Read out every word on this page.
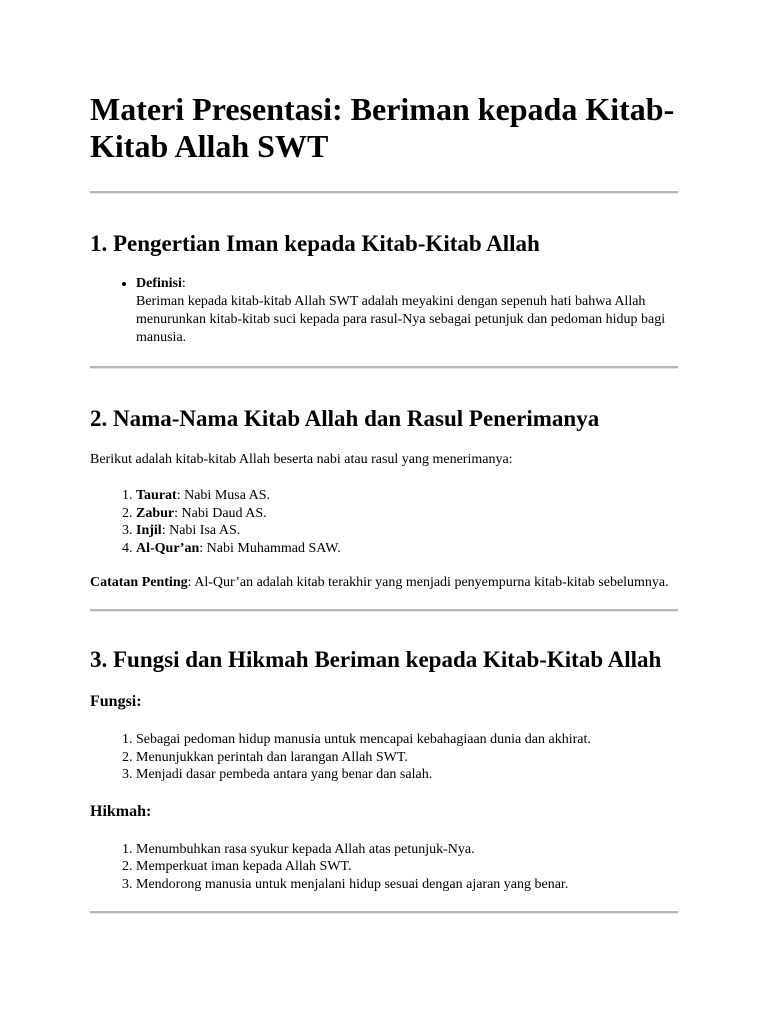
Materi Presentasi: Beriman kepada Kitab-Kitab Allah SWT
1. Pengertian Iman kepada Kitab-Kitab Allah
• Definisi:
Beriman kepada kitab-kitab Allah SWT adalah meyakini dengan sepenuh hati bahwa Allah menurunkan kitab-kitab suci kepada para rasul-Nya sebagai petunjuk dan pedoman hidup bagi manusia.
2. Nama-Nama Kitab Allah dan Rasul Penerimanya

Berikut adalah kitab-kitab Allah beserta nabi atau rasul yang menerimanya:

1. Taurat: Nabi Musa AS.
2. Zabur: Nabi Daud AS.
3. Injil: Nabi Isa AS.
4. Al-Qur’an: Nabi Muhammad SAW.

Catatan Penting: Al-Qur’an adalah kitab terakhir yang menjadi penyempurna kitab-kitab sebelumnya.

3. Fungsi dan Hikmah Beriman kepada Kitab-Kitab Allah
Fungsi:
1. Sebagai pedoman hidup manusia untuk mencapai kebahagiaan dunia dan akhirat.
2. Menunjukkan perintah dan larangan Allah SWT.
3. Menjadi dasar pembeda antara yang benar dan salah.
Hikmah:
1. Menumbuhkan rasa syukur kepada Allah atas petunjuk-Nya.
2. Memperkuat iman kepada Allah SWT.
3. Mendorong manusia untuk menjalani hidup sesuai dengan ajaran yang benar.
